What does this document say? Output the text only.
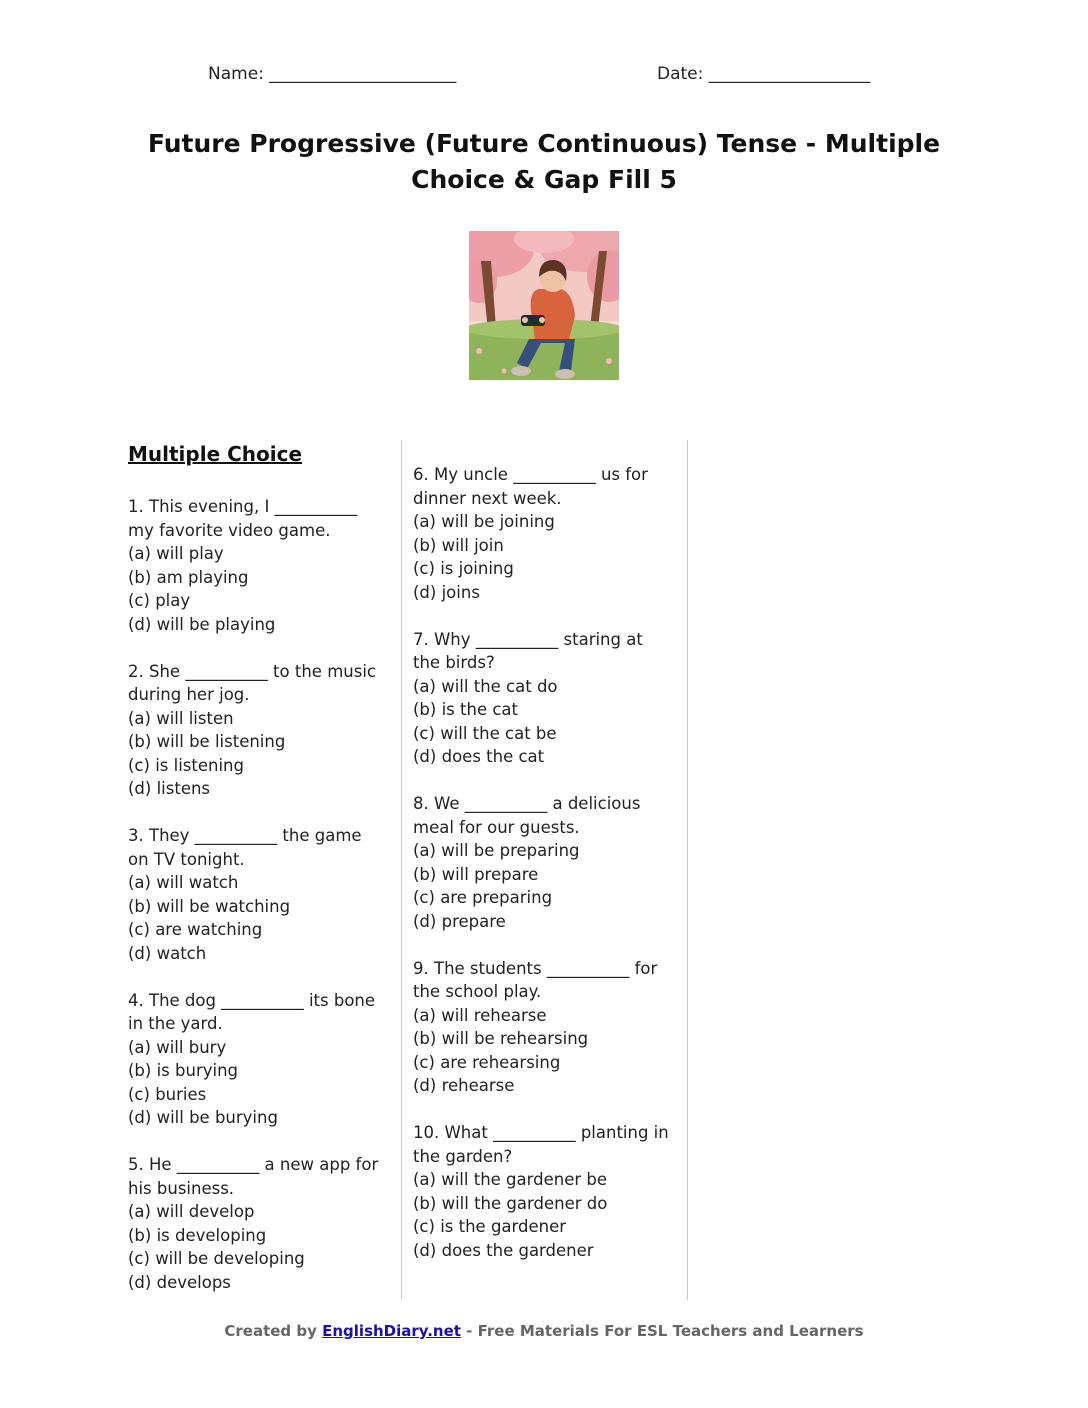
Name: ______________________	Date: ___________________
Future Progressive (Future Continuous) Tense - Multiple Choice & Gap Fill 5
Multiple Choice
1. This evening, I __________ my favorite video game.
(a) will play
(b) am playing
(c) play
(d) will be playing
2. She __________ to the music during her jog.
(a) will listen
(b) will be listening
(c) is listening
(d) listens
3. They __________ the game on TV tonight.
(a) will watch
(b) will be watching
(c) are watching
(d) watch
4. The dog __________ its bone in the yard.
(a) will bury
(b) is burying
(c) buries
(d) will be burying
5. He __________ a new app for his business.
(a) will develop
(b) is developing
(c) will be developing
(d) develops
6. My uncle __________ us for dinner next week.
(a) will be joining
(b) will join
(c) is joining
(d) joins
7. Why __________ staring at the birds?
(a) will the cat do
(b) is the cat
(c) will the cat be
(d) does the cat
8. We __________ a delicious meal for our guests.
(a) will be preparing
(b) will prepare
(c) are preparing
(d) prepare
9. The students __________ for the school play.
(a) will rehearse
(b) will be rehearsing
(c) are rehearsing
(d) rehearse
10. What __________ planting in the garden?
(a) will the gardener be
(b) will the gardener do
(c) is the gardener
(d) does the gardener
Created by EnglishDiary.net - Free Materials For ESL Teachers and Learners
